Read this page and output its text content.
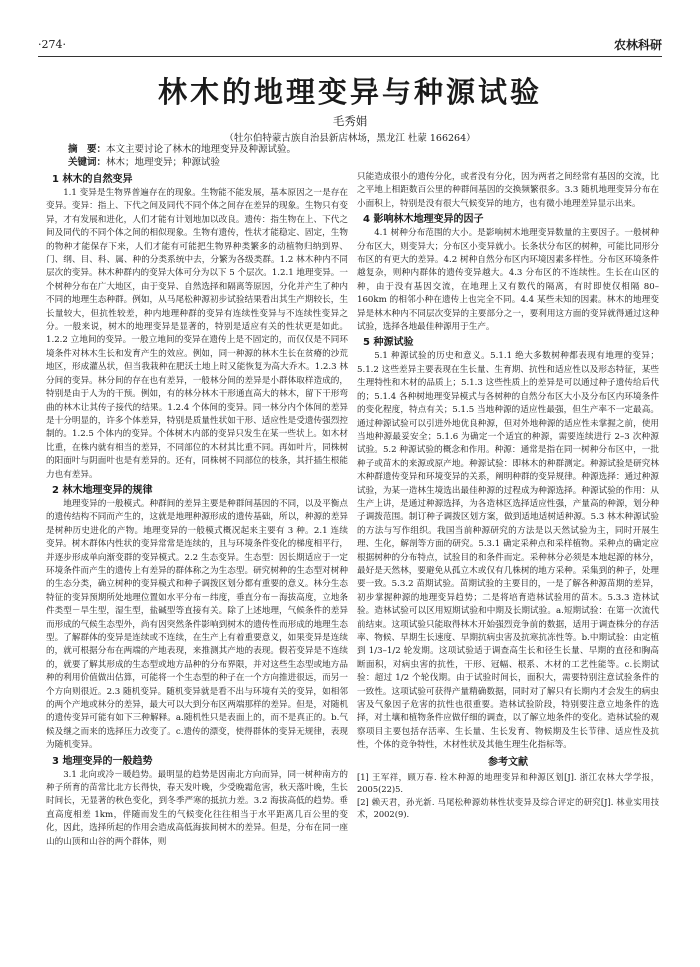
·274·	农林科研
林木的地理变异与种源试验
毛秀娟
（牡尔伯特蒙古族自治县新店林场，黑龙江 杜蒙 166264）
摘　要：本文主要讨论了林木的地理变异及种源试验。
关键词：林木；地理变异；种源试验
1 林木的自然变异

1.1 变异是生物界普遍存在的现象。生物能不能发展，基本原因之一是存在变异。变异：指上、下代之间及同代不同个体之间存在差异的现象。生物只有变异，才有发展和进化，人们才能有计划地加以改良。遗传：指生物在上、下代之间及同代的不同个体之间的相似现象。生物有遗传，性状才能稳定、固定，生物的物种才能保存下来，人们才能有可能把生物界种类繁多的动植物归纳到界、门、纲、目、科、属、种的分类系统中去，分繁为各级类群。1.2 林木种内不同层次的变异。林木种群内的变异大体可分为以下 5 个层次。1.2.1 地理变异。一个树种分布在广大地区，由于变异、自然选择和隔离等原因，分化并产生了种内不同的地理生态种群。例如，从马尾松种源初步试验结果看出其生产期较长，生长量较大，但抗性较差，种内地理种群的变异有连续性变异与不连续性变异之分。一般来说，树木的地理变异是显著的，特别是适应有关的性状更是如此。1.2.2 立地间的变异。一般立地间的变异在遗传上是不固定的，而仅仅是不同环境条件对林木生长和发育产生的效应。例如，同一种源的林木生长在贫瘠的沙荒地区，形成灌丛状，但当我栽种在肥沃土地上时又能恢复为高大乔木。1.2.3 林分间的变异。林分间的存在也有差异，一般林分间的差异是小群体取样造成的，特别是由于人为的干预。例如，有的林分林木干形通直高大的林木，留下干形弯曲的林木让其传子接代的结果。1.2.4 个体间的变异。同一林分内个体间的差异是十分明显的，许多个体差异，特别是质量性状如干形、适应性是受遗传强烈控制的。1.2.5 个体内的变异。个体树木内部的变异只发生在某一些状上。如木材比重，在株内就有相当的差异，不同部位的木材其比重不同。再如叶片，同株树的阳面叶与阴面叶也是有差异的。还有，同株树不同部位的枝条，其扦插生根能力也有差异。

2 林木地理变异的规律

地理变异的一般模式。种群间的差异主要是种群间基因的不同，以及平衡点的遗传结构不同而产生的，这就是地理种源形成的遗传基础，所以，种源的差异是树种历史进化的产物。地理变异的一般模式概况起来主要有 3 种。2.1 连续变异。树木群体内性状的变异常常是连续的，且与环境条件变化的梯度相平行，并逐步形成单向渐变群的变异模式。2.2 生态变异。生态型：因长期适应于一定环境条件而产生的遗传上有差异的群体称之为生态型。研究树种的生态型对树种的生态分类，确立树种的变异模式和种子调拨区划分都有重要的意义。林分生态特征的变异预期所处地理位置如水平分布－纬度，垂直分布－海拔高度，立地条件类型－旱生型，湿生型，盐碱型等直接有关。除了上述地理，气候条件的差异而形成的气候生态型外，尚有因突然条件影响到树木的遗传性而形成的地理生态型。了解群体的变异是连续或不连续，在生产上有着重要意义，如果变异是连续的，就可根据分布在两端的产地表现，来推测其产地的表现。假若变异是不连续的，就要了解其形成的生态型或地方品种的分布界限，并对这些生态型或地方品种的利用价值做出估算，可能将一个生态型的种子在一个方向推进很远，而另一个方向则很近。2.3 随机变异。随机变异就是看不出与环境有关的变异，如相邻的两个产地或林分的差异，最大可以大到分布区两端那样的差异。但是，对随机的遗传变异可能有如下三种解释。a.随机性只是表面上的，而不是真正的。b.气候及继之而来的选择压力改变了。c.遗传的漂变，使得群体的变异无规律，表现为随机变异。

3 地理变异的一般趋势

3.1 北向或冷－暖趋势。最明显的趋势是因南北方向而异，同一树种南方的种子所育的苗常比北方长得快，春天发叶晚，少受晚霜危害，秋天落叶晚，生长时间长，无显著的秋色变化，到冬季严寒的抵抗力差。3.2 海拔高低的趋势。垂直高度相差 1km，伴随而发生的气候变化往往相当于水平距离几百公里的变化，因此，选择所起的作用会造成高低海拔间树木的差异。但是，分布在同一座山的山顶和山谷的两个群体，则

只能造成很小的遗传分化，或者没有分化，因为两者之间经常有基因的交流，比之平地上相距数百公里的种群间基因的交换频繁很多。3.3 随机地理变异分布在小面积上，特别是没有很大气候变异的地方，也有微小地理差异显示出来。

4 影响林木地理变异的因子

4.1 树种分布范围的大小。是影响树木地理变异数量的主要因子。一般树种分布区大，则变异大；分布区小变异就小。长条状分布区的树种，可能比同形分布区的有更大的差异。4.2 树种自然分布区内环境因素多样性。分布区环境条件越复杂，则种内群体的遗传变异越大。4.3 分布区的不连续性。生长在山区的种，由于没有基因交流，在地理上又有数代的隔离，有时即使仅相隔 80–160km 的相邻小种在遗传上也完全不同。4.4 某些未知的因素。林木的地理变异是林木种内不同层次变异的主要部分之一，要利用这方面的变异就得通过这种试验，选择各地最佳种源用于生产。

5 种源试验

5.1 种源试验的历史和意义。5.1.1 绝大多数树种都表现有地理的变异；5.1.2 这些差异主要表现在生长量、生育期、抗性和适应性以及形态特征，某些生理特性和木材的品质上；5.1.3 这些性质上的差异是可以通过种子遗传给后代的；5.1.4 各种树地理变异模式与各树种的自然分布区大小及分布区内环境条件的变化程度，特点有关；5.1.5 当地种源的适应性最强，但生产率不一定最高。通过种源试验可以引进外地优良种源，但对外地种源的适应性未掌握之前，使用当地种源最妥安全；5.1.6 为确定一个适宜的种源，需要连续进行 2–3 次种源试验。5.2 种源试验的概念和作用。种源：通常是指在同一树种分布区中，一批种子或苗木的来源或原产地。种源试验：即林木的种群测定。种源试验是研究林木种群遗传变异和环境变异的关系，阐明种群的变异规律。种源选择：通过种源试验，为某一造林生境选出最佳种源的过程成为种源选择。种源试验的作用：从生产上讲，是通过种源选择，为各造林区选择适应性强，产量高的种源，划分种子调拨范围。制订种子调拨区划方案，做到适地适树适种源。5.3 林木种源试验的方法与写作组织。我国当前种源研究的方法是以天然试验为主，同时开展生理、生化，解剖等方面的研究。5.3.1 确定采种点和采样植物。采种点的确定应根据树种的分布特点，试验目的和条件而定。采种林分必须是本地起源的林分，最好是天然林，要避免从孤立木或仅有几株树的地方采种。采集到的种子，处理要一致。5.3.2 苗期试验。苗期试验的主要目的，一是了解各种源苗期的差异，初步掌握种源的地理变异趋势；二是将培育造林试验用的苗木。5.3.3 造林试验。造林试验可以区用短期试验和中期及长期试验。a.短期试验：在第一次流代前结束。这项试验只能取得林木开始强烈竞争前的数据，适用于调查株分的存活率、物候、早期生长速度、早期抗病虫害及抗寒抗冻性等。b.中期试验：由定植到 1/3–1/2 轮发期。这项试验适于调查高生长和径生长量、早期的直径和胸高断面积，对病虫害的抗性，干形、冠幅、根系、木材的工艺性能等。c.长期试验：超过 1/2 个轮伐期。由于试验时间长，面积大，需要特别注意试验条件的一致性。这项试验可获得产量精确数据，同时对了解只有长期内才会发生的病虫害及气象因子危害的抗性也很重要。造林试验阶段，特别要注意立地条件的选择，对土壤和植物条件应做仔细的调查，以了解立地条件的变化。造林试验的观察项目主要包括存活率、生长量、生长发育、物候期及生长节律、适应性及抗性，个体的竞争特性，木材性状及其他生理生化指标等。

参考文献

[1] 王军祥，顾万春. 栓木种源的地理变异和种源区划[J]. 浙江农林大学学报，2005(22)5.

[2] 赖天君，孙光新. 马尾松种源幼林性状变异及综合评定的研究[J]. 林业实用技术，2002(9).
